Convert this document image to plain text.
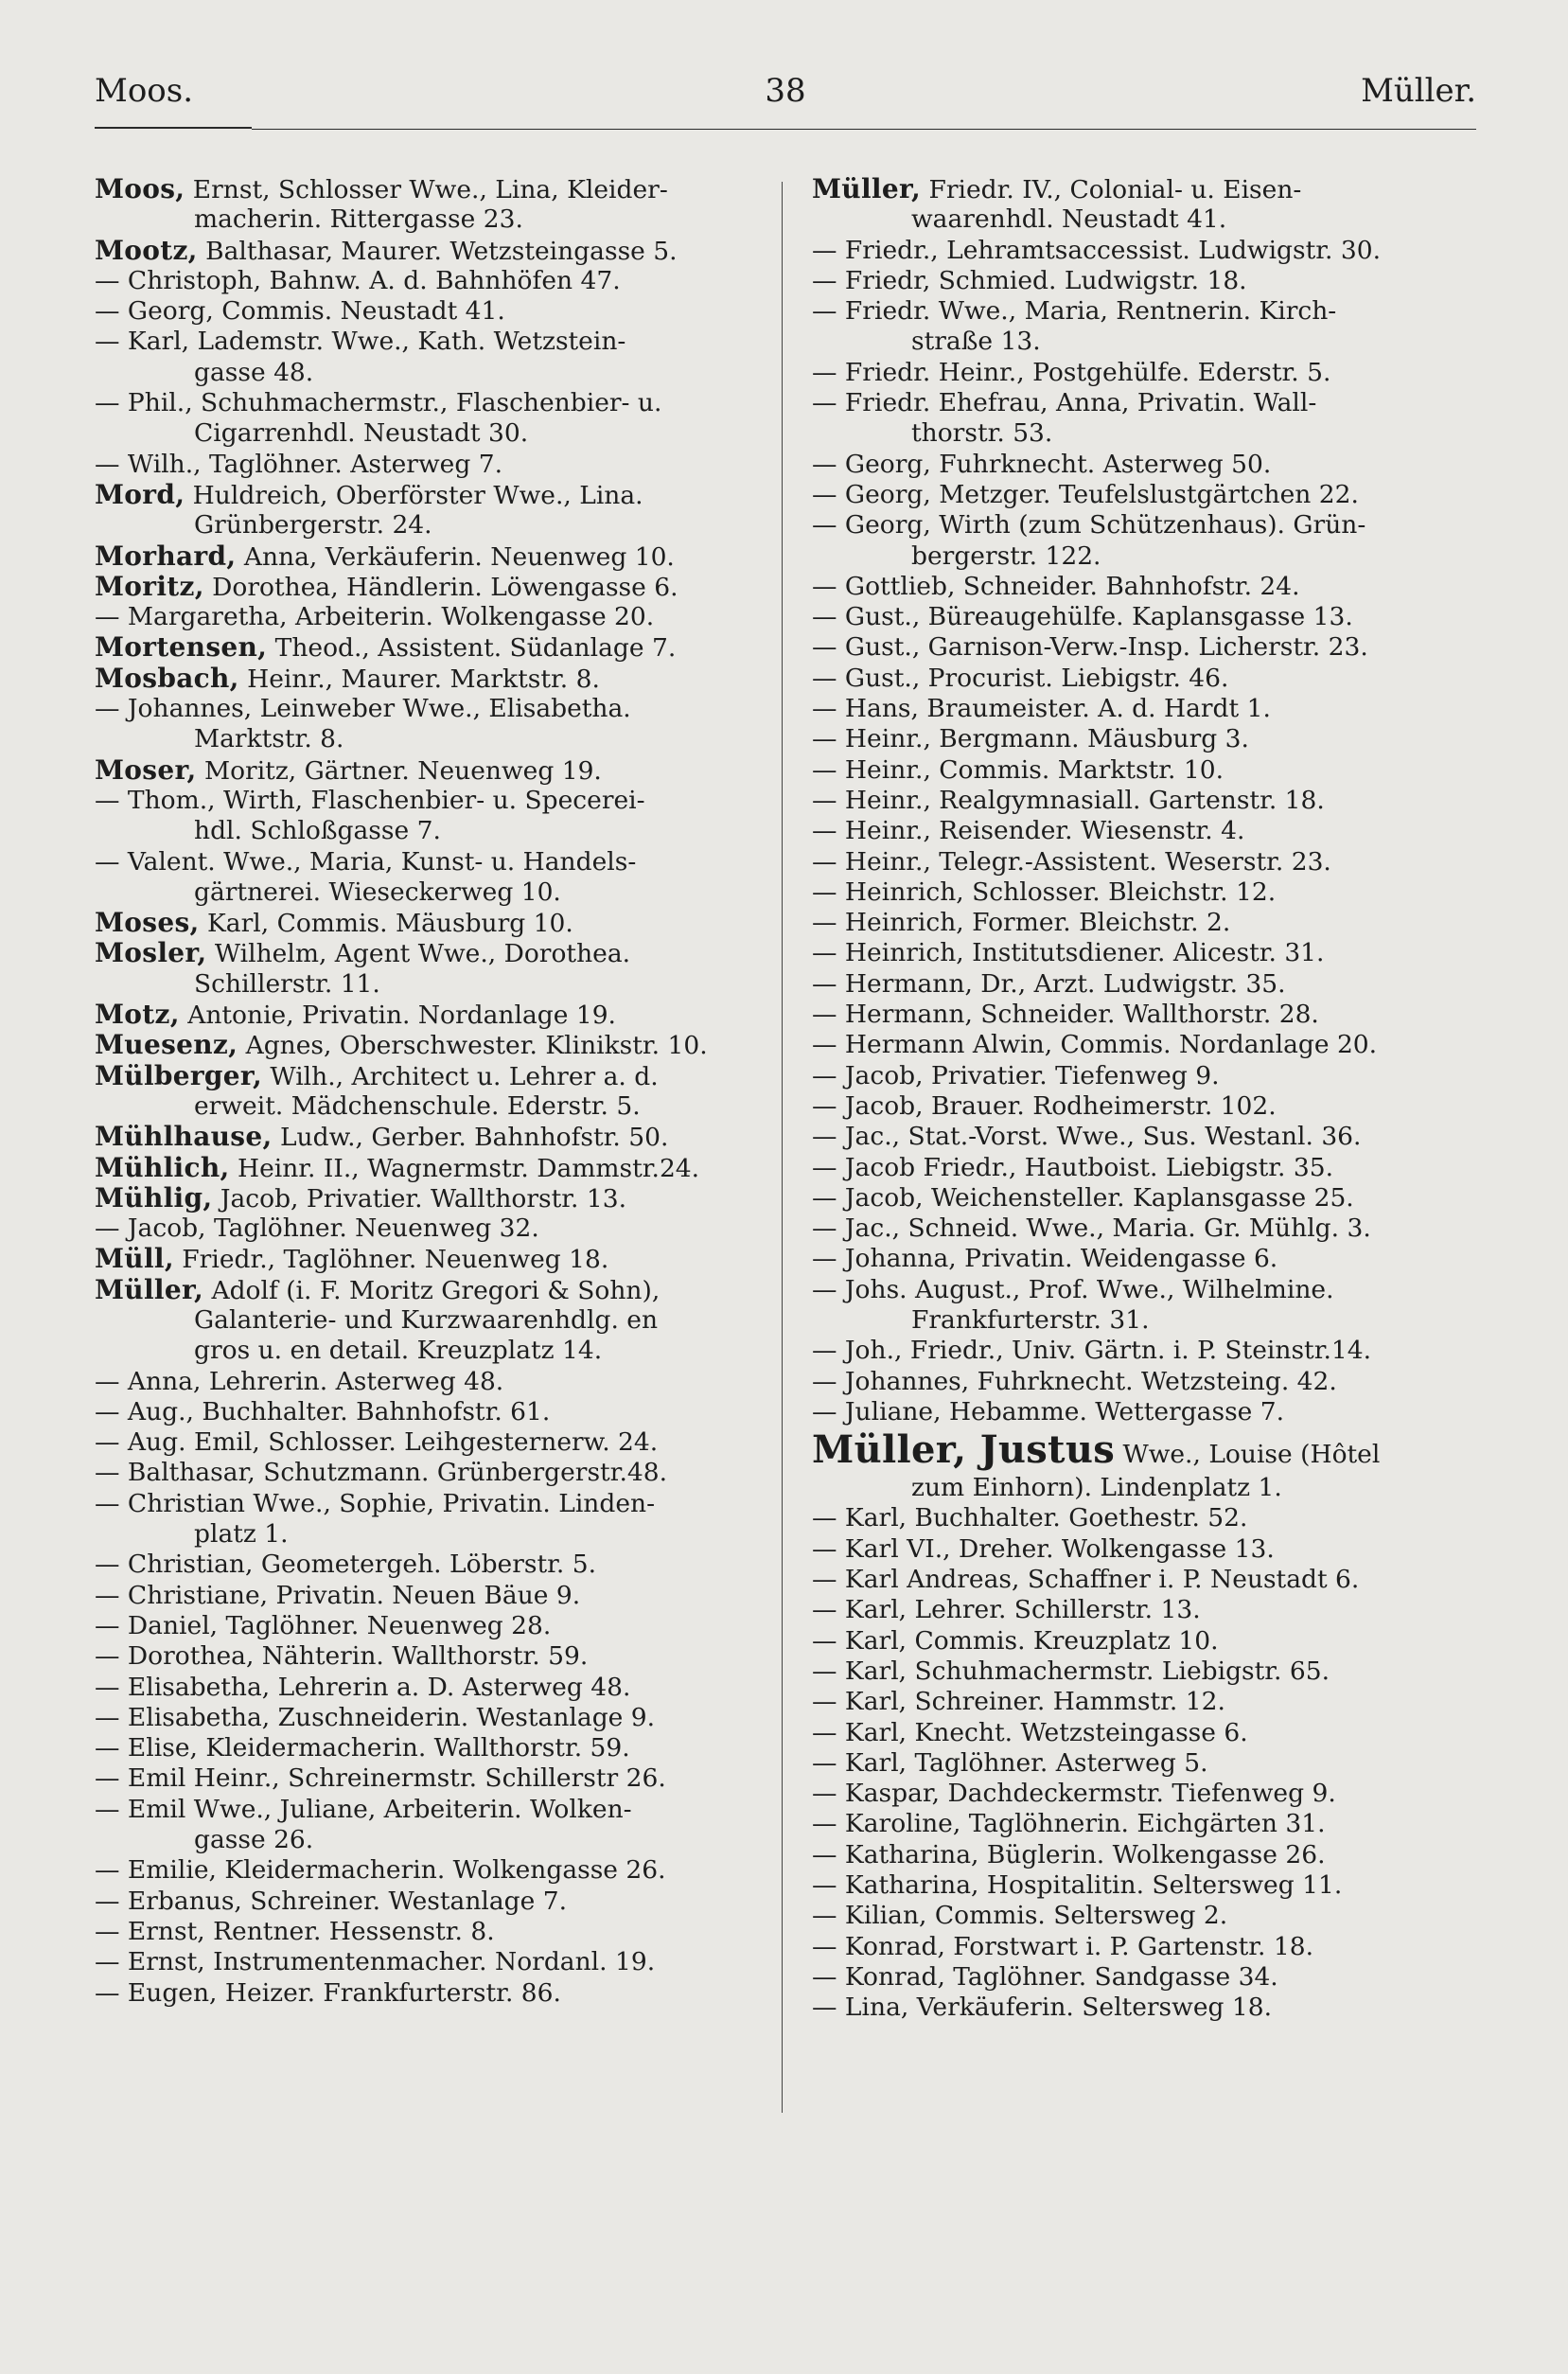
Moos.	38	Müller.
Moos, Ernst, Schlosser Wwe., Lina, Kleider-
macherin. Rittergasse 23.
Mootz, Balthasar, Maurer. Wetzsteingasse 5.
— Christoph, Bahnw. A. d. Bahnhöfen 47.
— Georg, Commis. Neustadt 41.
— Karl, Lademstr. Wwe., Kath. Wetzstein-
gasse 48.
— Phil., Schuhmachermstr., Flaschenbier- u.
Cigarrenhdl. Neustadt 30.
— Wilh., Taglöhner. Asterweg 7.
Mord, Huldreich, Oberförster Wwe., Lina.
Grünbergerstr. 24.
Morhard, Anna, Verkäuferin. Neuenweg 10.
Moritz, Dorothea, Händlerin. Löwengasse 6.
— Margaretha, Arbeiterin. Wolkengasse 20.
Mortensen, Theod., Assistent. Südanlage 7.
Mosbach, Heinr., Maurer. Marktstr. 8.
— Johannes, Leinweber Wwe., Elisabetha.
Marktstr. 8.
Moser, Moritz, Gärtner. Neuenweg 19.
— Thom., Wirth, Flaschenbier- u. Specerei-
hdl. Schloßgasse 7.
— Valent. Wwe., Maria, Kunst- u. Handels-
gärtnerei. Wieseckerweg 10.
Moses, Karl, Commis. Mäusburg 10.
Mosler, Wilhelm, Agent Wwe., Dorothea.
Schillerstr. 11.
Motz, Antonie, Privatin. Nordanlage 19.
Muesenz, Agnes, Oberschwester. Klinikstr. 10.
Mülberger, Wilh., Architect u. Lehrer a. d.
erweit. Mädchenschule. Ederstr. 5.
Mühlhause, Ludw., Gerber. Bahnhofstr. 50.
Mühlich, Heinr. II., Wagnermstr. Dammstr.24.
Mühlig, Jacob, Privatier. Wallthorstr. 13.
— Jacob, Taglöhner. Neuenweg 32.
Müll, Friedr., Taglöhner. Neuenweg 18.
Müller, Adolf (i. F. Moritz Gregori & Sohn),
Galanterie- und Kurzwaarenhdlg. en
gros u. en detail. Kreuzplatz 14.
— Anna, Lehrerin. Asterweg 48.
— Aug., Buchhalter. Bahnhofstr. 61.
— Aug. Emil, Schlosser. Leihgesternerw. 24.
— Balthasar, Schutzmann. Grünbergerstr.48.
— Christian Wwe., Sophie, Privatin. Linden-
platz 1.
— Christian, Geometergeh. Löberstr. 5.
— Christiane, Privatin. Neuen Bäue 9.
— Daniel, Taglöhner. Neuenweg 28.
— Dorothea, Nähterin. Wallthorstr. 59.
— Elisabetha, Lehrerin a. D. Asterweg 48.
— Elisabetha, Zuschneiderin. Westanlage 9.
— Elise, Kleidermacherin. Wallthorstr. 59.
— Emil Heinr., Schreinermstr. Schillerstr 26.
— Emil Wwe., Juliane, Arbeiterin. Wolken-
gasse 26.
— Emilie, Kleidermacherin. Wolkengasse 26.
— Erbanus, Schreiner. Westanlage 7.
— Ernst, Rentner. Hessenstr. 8.
— Ernst, Instrumentenmacher. Nordanl. 19.
— Eugen, Heizer. Frankfurterstr. 86.
Müller, Friedr. IV., Colonial- u. Eisen-
waarenhdl. Neustadt 41.
— Friedr., Lehramtsaccessist. Ludwigstr. 30.
— Friedr, Schmied. Ludwigstr. 18.
— Friedr. Wwe., Maria, Rentnerin. Kirch-
straße 13.
— Friedr. Heinr., Postgehülfe. Ederstr. 5.
— Friedr. Ehefrau, Anna, Privatin. Wall-
thorstr. 53.
— Georg, Fuhrknecht. Asterweg 50.
— Georg, Metzger. Teufelslustgärtchen 22.
— Georg, Wirth (zum Schützenhaus). Grün-
bergerstr. 122.
— Gottlieb, Schneider. Bahnhofstr. 24.
— Gust., Büreaugehülfe. Kaplansgasse 13.
— Gust., Garnison-Verw.-Insp. Licherstr. 23.
— Gust., Procurist. Liebigstr. 46.
— Hans, Braumeister. A. d. Hardt 1.
— Heinr., Bergmann. Mäusburg 3.
— Heinr., Commis. Marktstr. 10.
— Heinr., Realgymnasiall. Gartenstr. 18.
— Heinr., Reisender. Wiesenstr. 4.
— Heinr., Telegr.-Assistent. Weserstr. 23.
— Heinrich, Schlosser. Bleichstr. 12.
— Heinrich, Former. Bleichstr. 2.
— Heinrich, Institutsdiener. Alicestr. 31.
— Hermann, Dr., Arzt. Ludwigstr. 35.
— Hermann, Schneider. Wallthorstr. 28.
— Hermann Alwin, Commis. Nordanlage 20.
— Jacob, Privatier. Tiefenweg 9.
— Jacob, Brauer. Rodheimerstr. 102.
— Jac., Stat.-Vorst. Wwe., Sus. Westanl. 36.
— Jacob Friedr., Hautboist. Liebigstr. 35.
— Jacob, Weichensteller. Kaplansgasse 25.
— Jac., Schneid. Wwe., Maria. Gr. Mühlg. 3.
— Johanna, Privatin. Weidengasse 6.
— Johs. August., Prof. Wwe., Wilhelmine.
Frankfurterstr. 31.
— Joh., Friedr., Univ. Gärtn. i. P. Steinstr.14.
— Johannes, Fuhrknecht. Wetzsteing. 42.
— Juliane, Hebamme. Wettergasse 7.
Müller, Justus Wwe., Louise (Hôtel
zum Einhorn). Lindenplatz 1.
— Karl, Buchhalter. Goethestr. 52.
— Karl VI., Dreher. Wolkengasse 13.
— Karl Andreas, Schaffner i. P. Neustadt 6.
— Karl, Lehrer. Schillerstr. 13.
— Karl, Commis. Kreuzplatz 10.
— Karl, Schuhmachermstr. Liebigstr. 65.
— Karl, Schreiner. Hammstr. 12.
— Karl, Knecht. Wetzsteingasse 6.
— Karl, Taglöhner. Asterweg 5.
— Kaspar, Dachdeckermstr. Tiefenweg 9.
— Karoline, Taglöhnerin. Eichgärten 31.
— Katharina, Büglerin. Wolkengasse 26.
— Katharina, Hospitalitin. Seltersweg 11.
— Kilian, Commis. Seltersweg 2.
— Konrad, Forstwart i. P. Gartenstr. 18.
— Konrad, Taglöhner. Sandgasse 34.
— Lina, Verkäuferin. Seltersweg 18.
